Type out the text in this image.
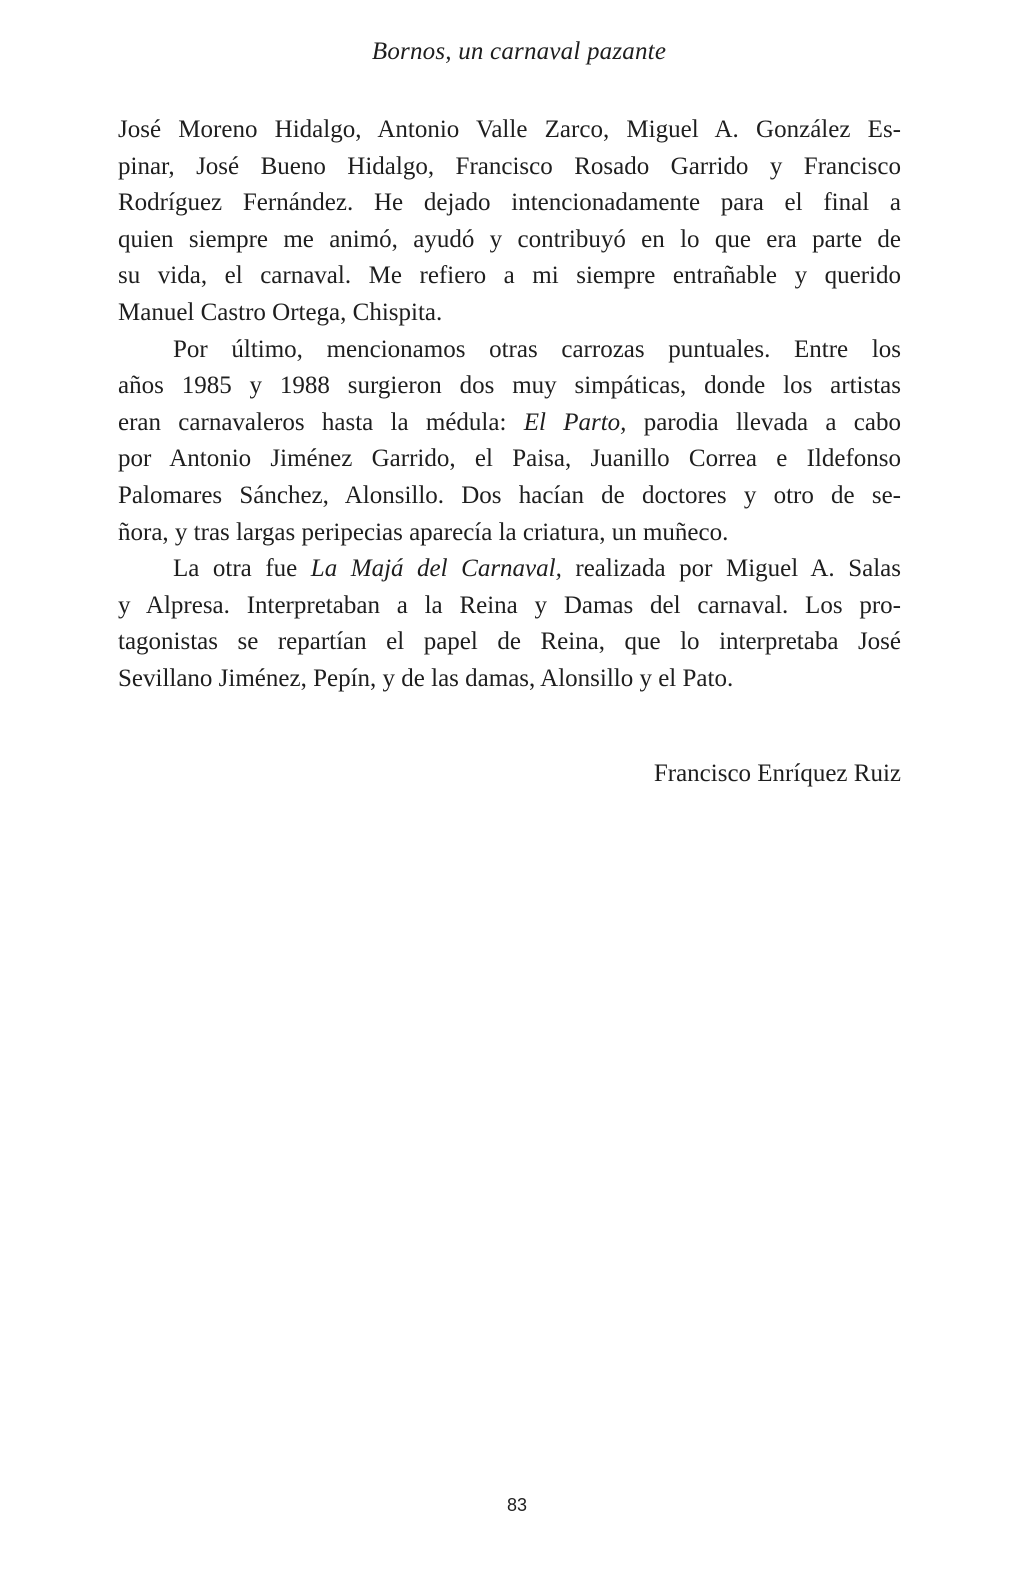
Bornos, un carnaval pazante
José Moreno Hidalgo, Antonio Valle Zarco, Miguel A. González Es-
pinar, José Bueno Hidalgo, Francisco Rosado Garrido y Francisco
Rodríguez Fernández. He dejado intencionadamente para el final a
quien siempre me animó, ayudó y contribuyó en lo que era parte de
su vida, el carnaval. Me refiero a mi siempre entrañable y querido
Manuel Castro Ortega, Chispita.
Por último, mencionamos otras carrozas puntuales. Entre los
años 1985 y 1988 surgieron dos muy simpáticas, donde los artistas
eran carnavaleros hasta la médula: El Parto, parodia llevada a cabo
por Antonio Jiménez Garrido, el Paisa, Juanillo Correa e Ildefonso
Palomares Sánchez, Alonsillo. Dos hacían de doctores y otro de se-
ñora, y tras largas peripecias aparecía la criatura, un muñeco.
La otra fue La Majá del Carnaval, realizada por Miguel A. Salas
y Alpresa. Interpretaban a la Reina y Damas del carnaval. Los pro-
tagonistas se repartían el papel de Reina, que lo interpretaba José
Sevillano Jiménez, Pepín, y de las damas, Alonsillo y el Pato.
Francisco Enríquez Ruiz
83
